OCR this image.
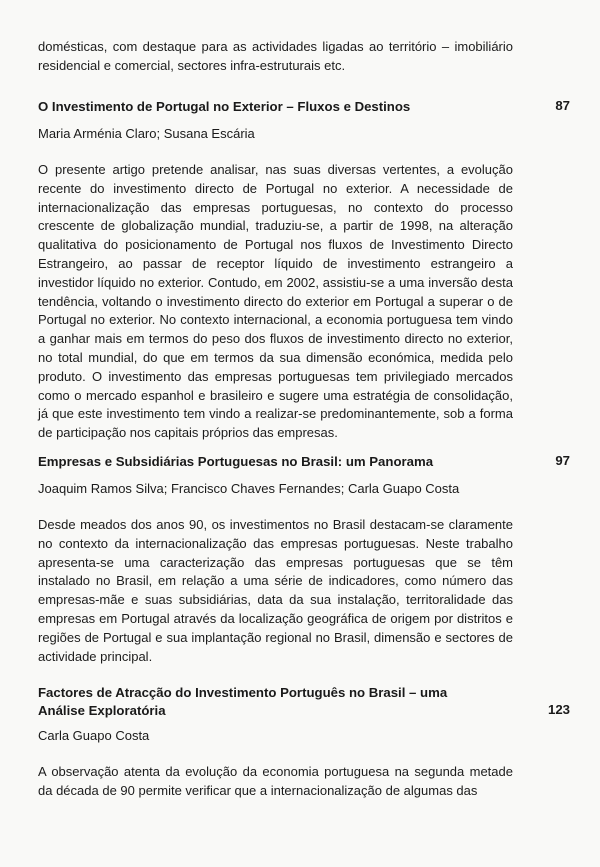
domésticas, com destaque para as actividades ligadas ao território – imobiliário residencial e comercial, sectores infra-estruturais etc.

O Investimento de Portugal no Exterior – Fluxos e Destinos	87

Maria Arménia Claro; Susana Escária

O presente artigo pretende analisar, nas suas diversas vertentes, a evolução recente do investimento directo de Portugal no exterior. A necessidade de internacionalização das empresas portuguesas, no contexto do processo crescente de globalização mundial, traduziu-se, a partir de 1998, na alteração qualitativa do posicionamento de Portugal nos fluxos de Investimento Directo Estrangeiro, ao passar de receptor líquido de investimento estrangeiro a investidor líquido no exterior. Contudo, em 2002, assistiu-se a uma inversão desta tendência, voltando o investimento directo do exterior em Portugal a superar o de Portugal no exterior. No contexto internacional, a economia portuguesa tem vindo a ganhar mais em termos do peso dos fluxos de investimento directo no exterior, no total mundial, do que em termos da sua dimensão económica, medida pelo produto. O investimento das empresas portuguesas tem privilegiado mercados como o mercado espanhol e brasileiro e sugere uma estratégia de consolidação, já que este investimento tem vindo a realizar-se predominantemente, sob a forma de participação nos capitais próprios das empresas.

Empresas e Subsidiárias Portuguesas no Brasil: um Panorama	97

Joaquim Ramos Silva; Francisco Chaves Fernandes; Carla Guapo Costa

Desde meados dos anos 90, os investimentos no Brasil destacam-se claramente no contexto da internacionalização das empresas portuguesas. Neste trabalho apresenta-se uma caracterização das empresas portuguesas que se têm instalado no Brasil, em relação a uma série de indicadores, como número das empresas-mãe e suas subsidiárias, data da sua instalação, territoralidade das empresas em Portugal através da localização geográfica de origem por distritos e regiões de Portugal e sua implantação regional no Brasil, dimensão e sectores de actividade principal.

Factores de Atracção do Investimento Português no Brasil – uma Análise Exploratória	123

Carla Guapo Costa

A observação atenta da evolução da economia portuguesa na segunda metade da década de 90 permite verificar que a internacionalização de algumas das
